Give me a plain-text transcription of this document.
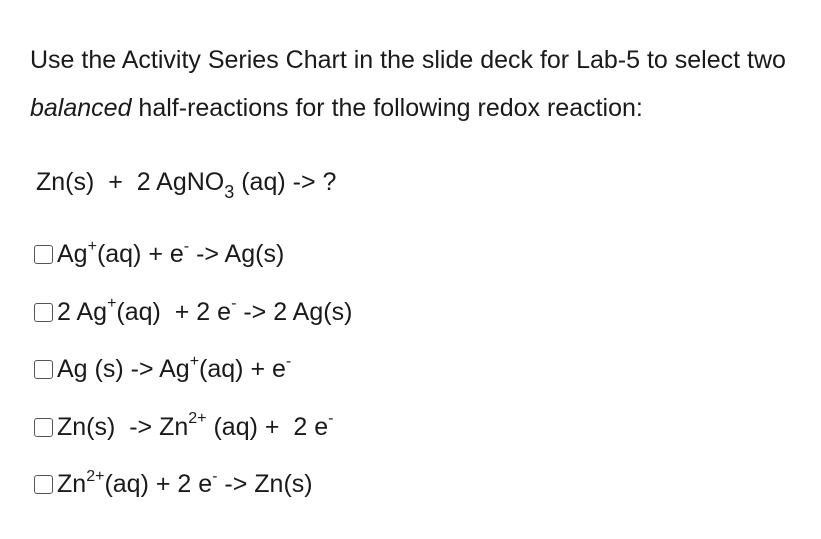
Use the Activity Series Chart in the slide deck for Lab-5 to select two balanced half-reactions for the following redox reaction:

Zn(s)  +  2 AgNO$_3$ (aq) -> ?
Ag+(aq) + e- -> Ag(s)
2 Ag+(aq)  + 2 e- -> 2 Ag(s)
Ag (s) -> Ag+(aq) + e-
$Zn(s) -> Zn^{2+}$ (aq) +  2 e-
$Zn^{2+}(aq) + 2$ e- -> Zn(s)
